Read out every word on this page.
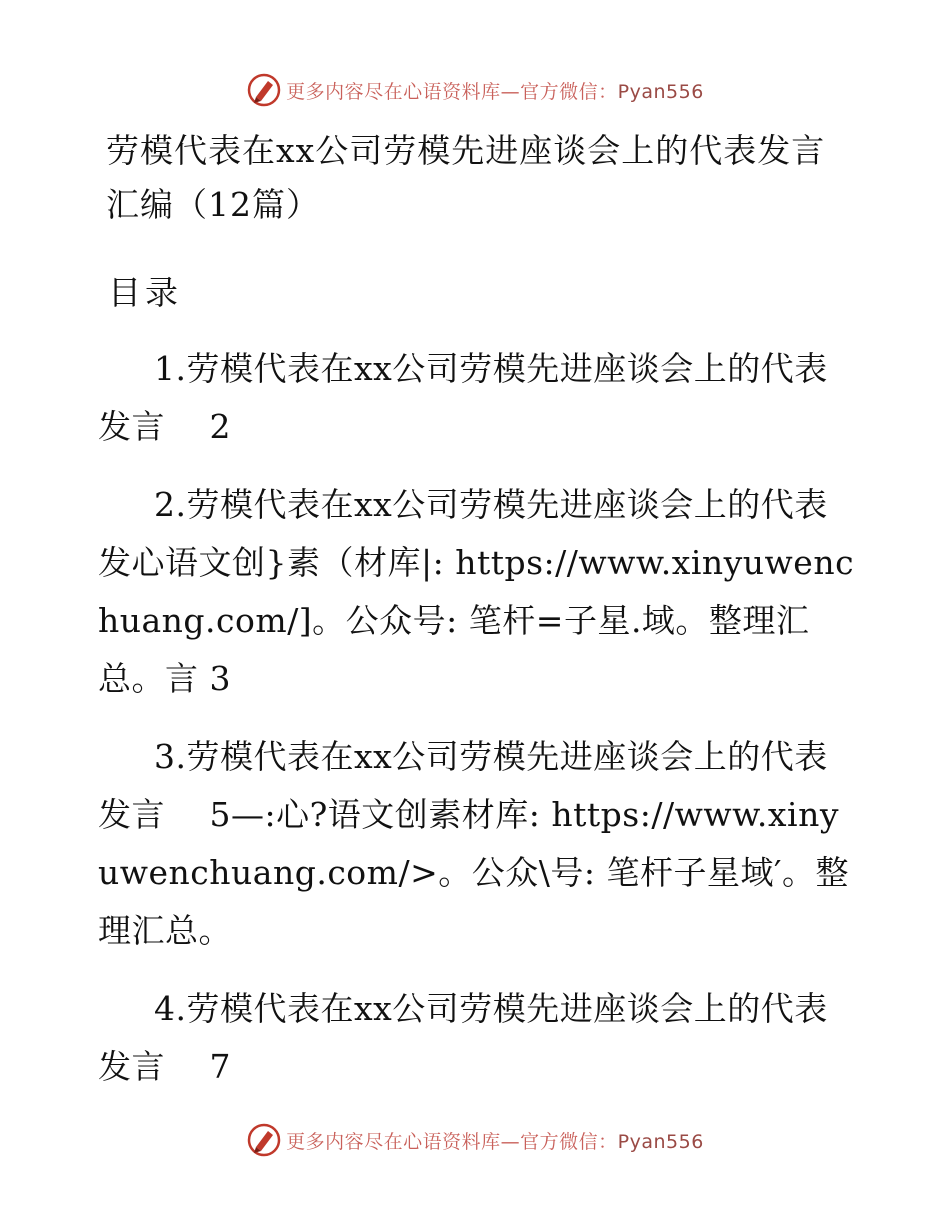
更多内容尽在心语资料库—官方微信：Pyan556
劳模代表在xx公司劳模先进座谈会上的代表发言汇编（12篇）
目录
1.劳模代表在xx公司劳模先进座谈会上的代表发言　 2
2.劳模代表在xx公司劳模先进座谈会上的代表发心语文创}素（材库|: https://www.xinyuwenchuang.com/]。公众号: 笔杆=子星.域。整理汇总。言 3
3.劳模代表在xx公司劳模先进座谈会上的代表发言　 5—:心?语文创素材库: https://www.xinyuwenchuang.com/>。公众\号: 笔杆子星域′。整理汇总。
4.劳模代表在xx公司劳模先进座谈会上的代表发言　 7
更多内容尽在心语资料库—官方微信：Pyan556
